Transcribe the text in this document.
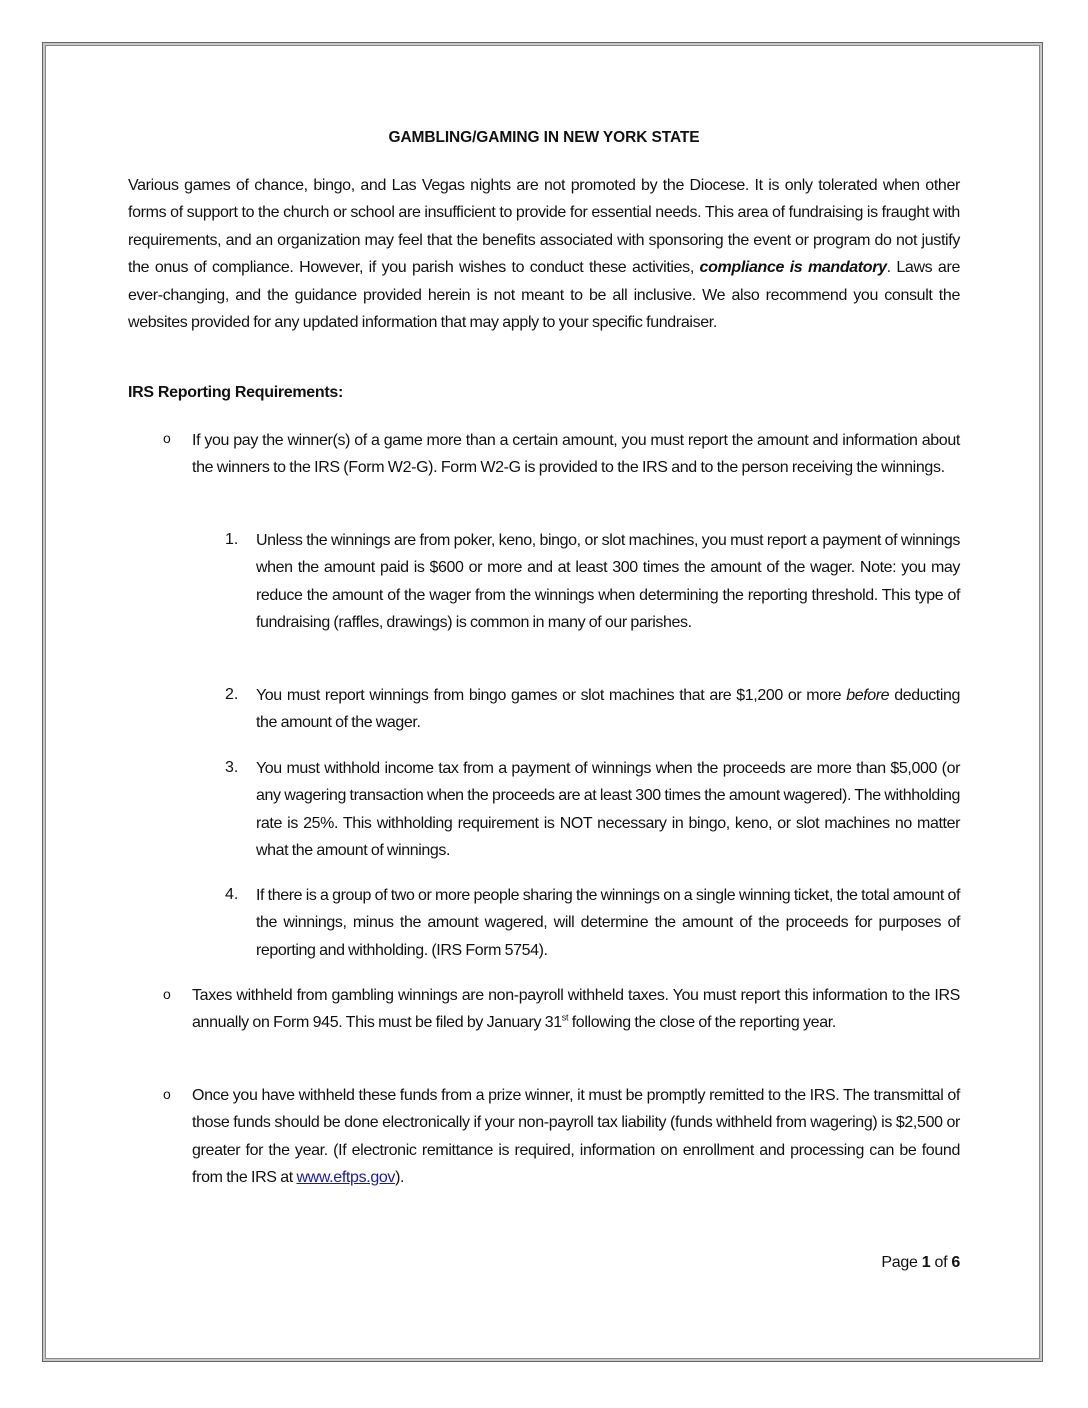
GAMBLING/GAMING IN NEW YORK STATE
Various games of chance, bingo, and Las Vegas nights are not promoted by the Diocese. It is only tolerated when other forms of support to the church or school are insufficient to provide for essential needs. This area of fundraising is fraught with requirements, and an organization may feel that the benefits associated with sponsoring the event or program do not justify the onus of compliance. However, if you parish wishes to conduct these activities, compliance is mandatory. Laws are ever-changing, and the guidance provided herein is not meant to be all inclusive. We also recommend you consult the websites provided for any updated information that may apply to your specific fundraiser.
IRS Reporting Requirements:
o If you pay the winner(s) of a game more than a certain amount, you must report the amount and information about the winners to the IRS (Form W2-G). Form W2-G is provided to the IRS and to the person receiving the winnings.
1. Unless the winnings are from poker, keno, bingo, or slot machines, you must report a payment of winnings when the amount paid is $600 or more and at least 300 times the amount of the wager. Note: you may reduce the amount of the wager from the winnings when determining the reporting threshold. This type of fundraising (raffles, drawings) is common in many of our parishes.
2. You must report winnings from bingo games or slot machines that are $1,200 or more before deducting the amount of the wager.
3. You must withhold income tax from a payment of winnings when the proceeds are more than $5,000 (or any wagering transaction when the proceeds are at least 300 times the amount wagered). The withholding rate is 25%. This withholding requirement is NOT necessary in bingo, keno, or slot machines no matter what the amount of winnings.
4. If there is a group of two or more people sharing the winnings on a single winning ticket, the total amount of the winnings, minus the amount wagered, will determine the amount of the proceeds for purposes of reporting and withholding. (IRS Form 5754).
o Taxes withheld from gambling winnings are non-payroll withheld taxes. You must report this information to the IRS annually on Form 945. This must be filed by January 31st following the close of the reporting year.
o Once you have withheld these funds from a prize winner, it must be promptly remitted to the IRS. The transmittal of those funds should be done electronically if your non-payroll tax liability (funds withheld from wagering) is $2,500 or greater for the year. (If electronic remittance is required, information on enrollment and processing can be found from the IRS at www.eftps.gov).
Page 1 of 6
